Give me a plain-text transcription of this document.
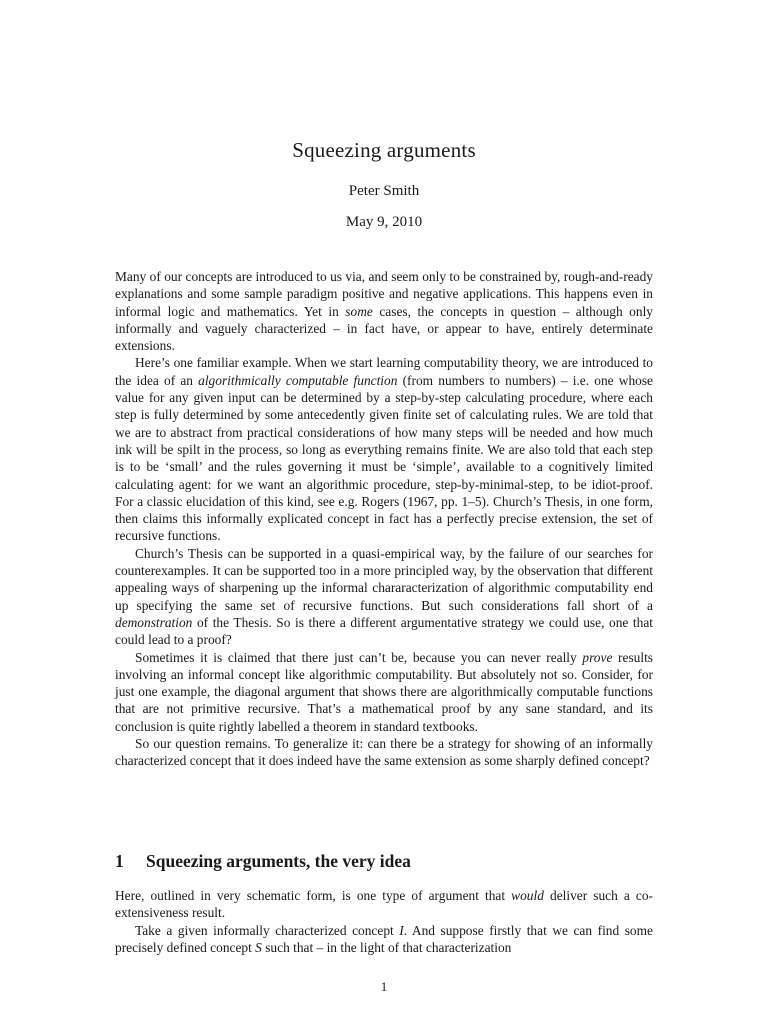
Squeezing arguments
Peter Smith
May 9, 2010

Many of our concepts are introduced to us via, and seem only to be constrained by, rough-and-ready explanations and some sample paradigm positive and negative applications. This happens even in informal logic and mathematics. Yet in some cases, the concepts in question – although only informally and vaguely characterized – in fact have, or appear to have, entirely determinate extensions.

Here’s one familiar example. When we start learning computability theory, we are introduced to the idea of an algorithmically computable function (from numbers to numbers) – i.e. one whose value for any given input can be determined by a step-by-step calculating procedure, where each step is fully determined by some antecedently given finite set of calculating rules. We are told that we are to abstract from practical considerations of how many steps will be needed and how much ink will be spilt in the process, so long as everything remains finite. We are also told that each step is to be ‘small’ and the rules governing it must be ‘simple’, available to a cognitively limited calculating agent: for we want an algorithmic procedure, step-by-minimal-step, to be idiot-proof. For a classic elucidation of this kind, see e.g. Rogers (1967, pp. 1–5). Church’s Thesis, in one form, then claims this informally explicated concept in fact has a perfectly precise extension, the set of recursive functions.

Church’s Thesis can be supported in a quasi-empirical way, by the failure of our searches for counterexamples. It can be supported too in a more principled way, by the observation that different appealing ways of sharpening up the informal chararacterization of algorithmic computability end up specifying the same set of recursive functions. But such considerations fall short of a demonstration of the Thesis. So is there a different argumentative strategy we could use, one that could lead to a proof?

Sometimes it is claimed that there just can’t be, because you can never really prove results involving an informal concept like algorithmic computability. But absolutely not so. Consider, for just one example, the diagonal argument that shows there are algorithmically computable functions that are not primitive recursive. That’s a mathematical proof by any sane standard, and its conclusion is quite rightly labelled a theorem in standard textbooks.

So our question remains. To generalize it: can there be a strategy for showing of an informally characterized concept that it does indeed have the same extension as some sharply defined concept?

1 Squeezing arguments, the very idea

Here, outlined in very schematic form, is one type of argument that would deliver such a co-extensiveness result.

Take a given informally characterized concept I. And suppose firstly that we can find some precisely defined concept S such that – in the light of that characterization

1
